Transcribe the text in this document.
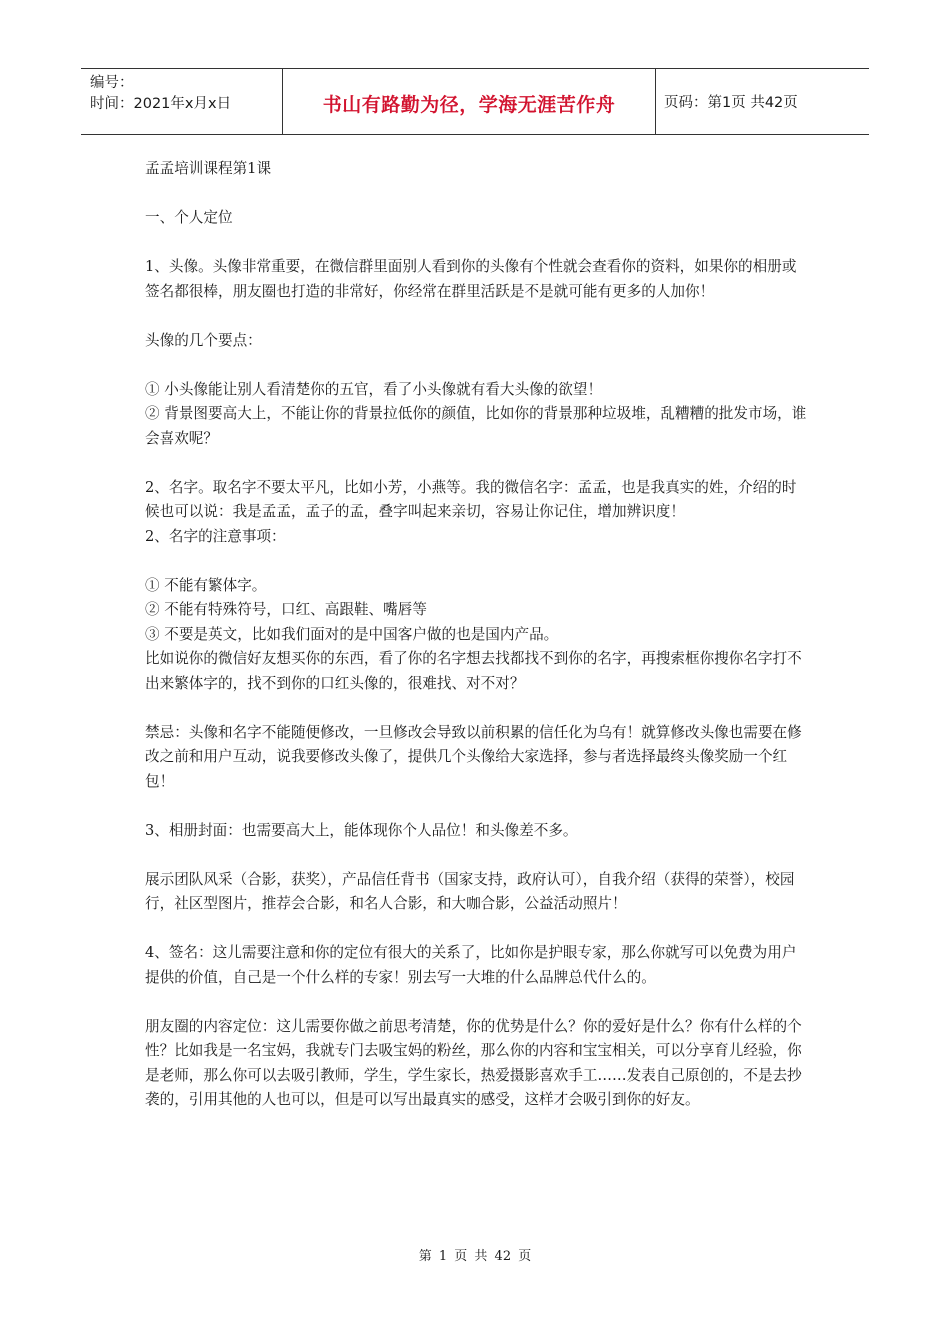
编号：
时间：2021年x月x日	书山有路勤为径，学海无涯苦作舟	页码：第1页 共42页

孟孟培训课程第1课

一、个人定位

1、头像。头像非常重要，在微信群里面别人看到你的头像有个性就会查看你的资料，如果你的相册或签名都很棒，朋友圈也打造的非常好，你经常在群里活跃是不是就可能有更多的人加你！

头像的几个要点：

① 小头像能让别人看清楚你的五官，看了小头像就有看大头像的欲望！

② 背景图要高大上，不能让你的背景拉低你的颜值，比如你的背景那种垃圾堆，乱糟糟的批发市场，谁会喜欢呢？

2、名字。取名字不要太平凡，比如小芳，小燕等。我的微信名字：孟孟，也是我真实的姓，介绍的时候也可以说：我是孟孟，孟子的孟，叠字叫起来亲切，容易让你记住，增加辨识度！

2、名字的注意事项：

① 不能有繁体字。

② 不能有特殊符号，口红、高跟鞋、嘴唇等

③ 不要是英文，比如我们面对的是中国客户做的也是国内产品。

比如说你的微信好友想买你的东西，看了你的名字想去找都找不到你的名字，再搜索框你搜你名字打不出来繁体字的，找不到你的口红头像的，很难找、对不对？

禁忌：头像和名字不能随便修改，一旦修改会导致以前积累的信任化为乌有！就算修改头像也需要在修改之前和用户互动，说我要修改头像了，提供几个头像给大家选择，参与者选择最终头像奖励一个红包！

3、相册封面：也需要高大上，能体现你个人品位！和头像差不多。

展示团队风采（合影，获奖），产品信任背书（国家支持，政府认可），自我介绍（获得的荣誉），校园行，社区型图片，推荐会合影，和名人合影，和大咖合影，公益活动照片！

4、签名：这儿需要注意和你的定位有很大的关系了，比如你是护眼专家，那么你就写可以免费为用户提供的价值，自己是一个什么样的专家！别去写一大堆的什么品牌总代什么的。

朋友圈的内容定位：这儿需要你做之前思考清楚，你的优势是什么？你的爱好是什么？你有什么样的个性？比如我是一名宝妈，我就专门去吸宝妈的粉丝，那么你的内容和宝宝相关，可以分享育儿经验，你是老师，那么你可以去吸引教师，学生，学生家长，热爱摄影喜欢手工……发表自己原创的，不是去抄袭的，引用其他的人也可以，但是可以写出最真实的感受，这样才会吸引到你的好友。

第 1 页 共 42 页
